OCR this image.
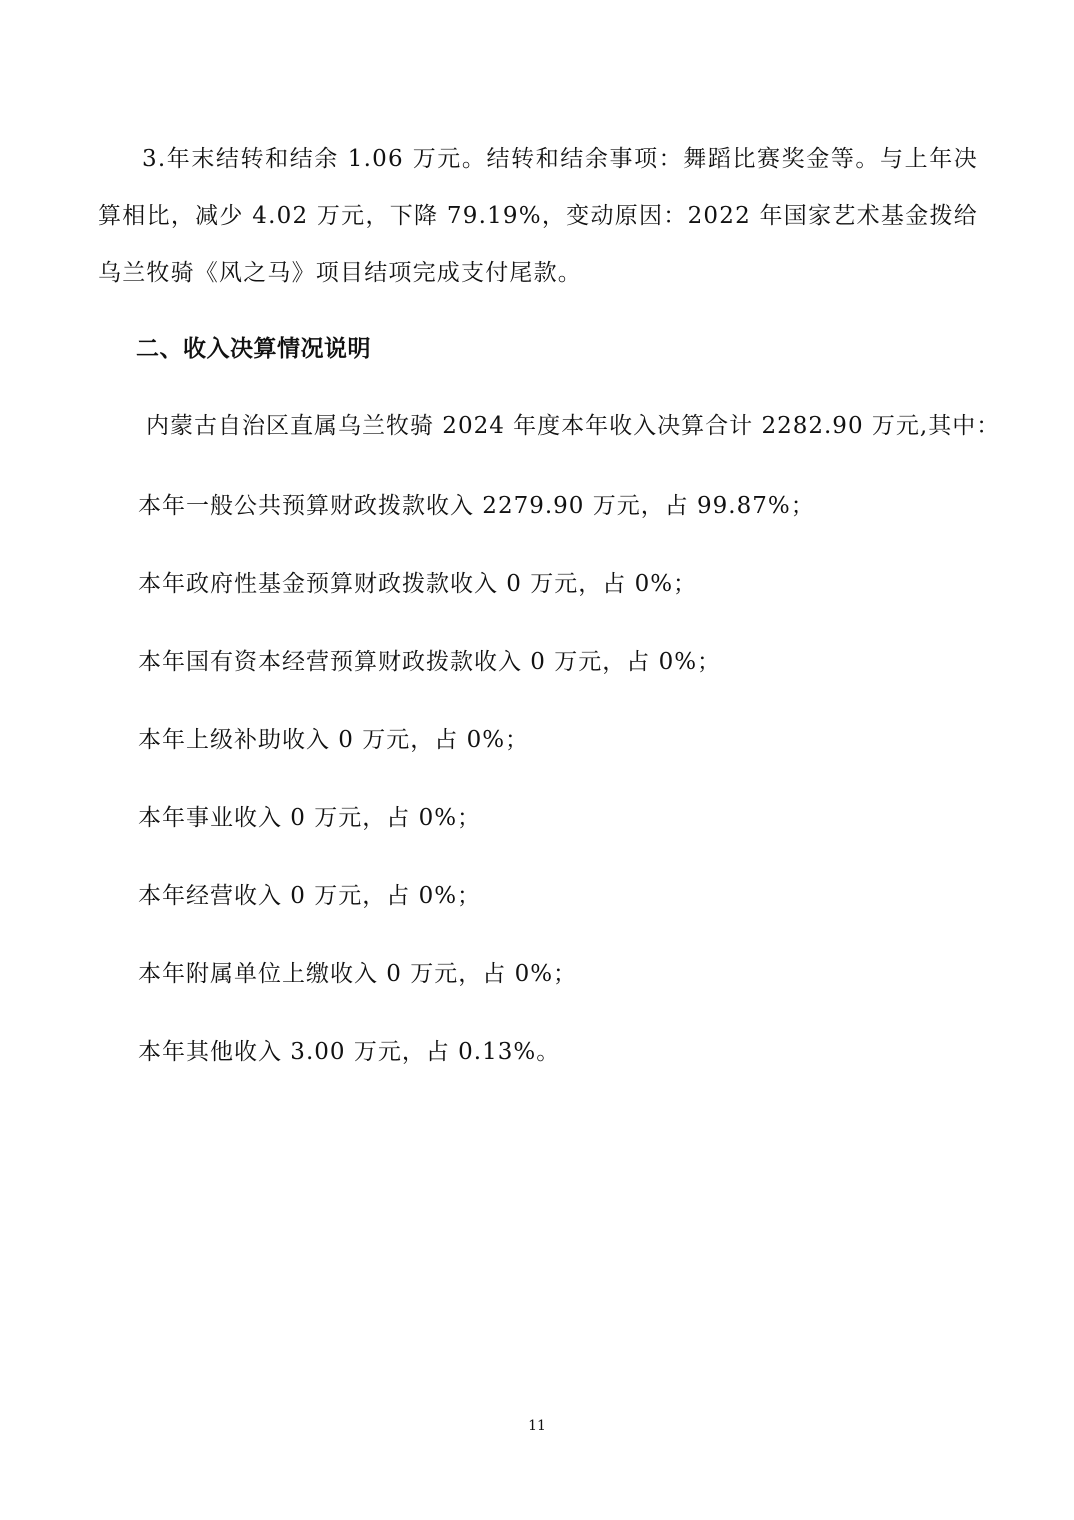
3.年末结转和结余 1.06 万元。结转和结余事项：舞蹈比赛奖金等。与上年决算相比，减少 4.02 万元，下降 79.19%，变动原因：2022 年国家艺术基金拨给乌兰牧骑《风之马》项目结项完成支付尾款。

二、收入决算情况说明

内蒙古自治区直属乌兰牧骑 2024 年度本年收入决算合计 2282.90 万元,其中：

本年一般公共预算财政拨款收入 2279.90 万元，占 99.87%；

本年政府性基金预算财政拨款收入 0 万元，占 0%；

本年国有资本经营预算财政拨款收入 0 万元，占 0%；

本年上级补助收入 0 万元，占 0%；

本年事业收入 0 万元，占 0%；

本年经营收入 0 万元，占 0%；

本年附属单位上缴收入 0 万元，占 0%；

本年其他收入 3.00 万元，占 0.13%。

11
